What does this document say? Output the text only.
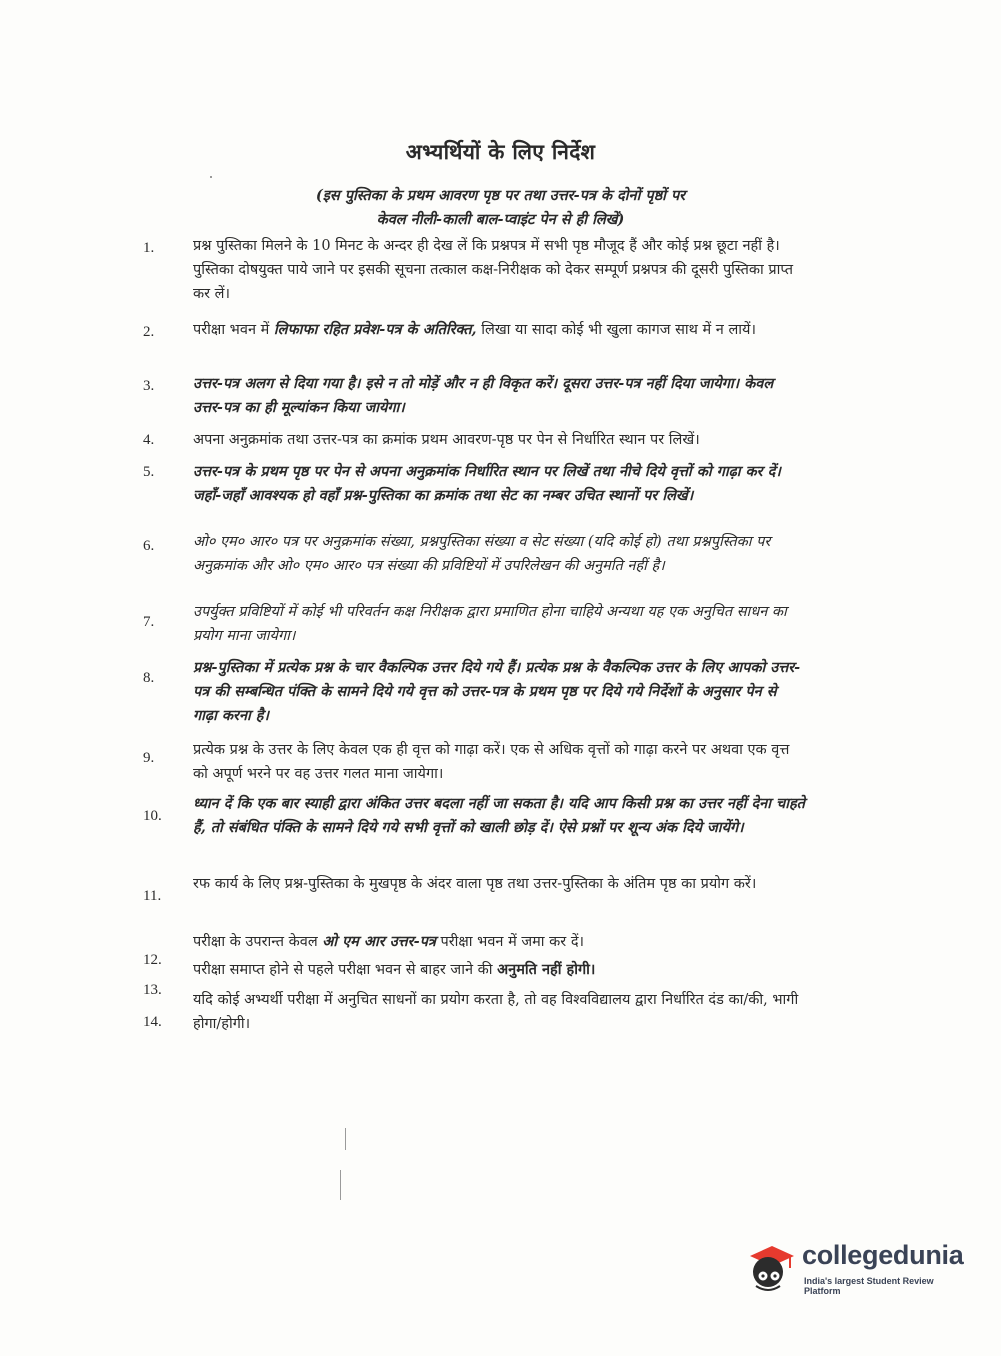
अभ्यर्थियों के लिए निर्देश
(इस पुस्तिका के प्रथम आवरण पृष्ठ पर तथा उत्तर-पत्र के दोनों पृष्ठों पर
केवल नीली-काली बाल-प्वाइंट पेन से ही लिखें)
1.	प्रश्न पुस्तिका मिलने के 10 मिनट के अन्दर ही देख लें कि प्रश्नपत्र में सभी पृष्ठ मौजूद हैं और कोई प्रश्न छूटा नहीं है। पुस्तिका दोषयुक्त पाये जाने पर इसकी सूचना तत्काल कक्ष-निरीक्षक को देकर सम्पूर्ण प्रश्नपत्र की दूसरी पुस्तिका प्राप्त कर लें।
2.	परीक्षा भवन में लिफाफा रहित प्रवेश-पत्र के अतिरिक्त, लिखा या सादा कोई भी खुला कागज साथ में न लायें।
3.	उत्तर-पत्र अलग से दिया गया है। इसे न तो मोड़ें और न ही विकृत करें। दूसरा उत्तर-पत्र नहीं दिया जायेगा। केवल उत्तर-पत्र का ही मूल्यांकन किया जायेगा।
4.	अपना अनुक्रमांक तथा उत्तर-पत्र का क्रमांक प्रथम आवरण-पृष्ठ पर पेन से निर्धारित स्थान पर लिखें।
5.	उत्तर-पत्र के प्रथम पृष्ठ पर पेन से अपना अनुक्रमांक निर्धारित स्थान पर लिखें तथा नीचे दिये वृत्तों को गाढ़ा कर दें। जहाँ-जहाँ आवश्यक हो वहाँ प्रश्न-पुस्तिका का क्रमांक तथा सेट का नम्बर उचित स्थानों पर लिखें।
6.	ओ० एम० आर० पत्र पर अनुक्रमांक संख्या, प्रश्नपुस्तिका संख्या व सेट संख्या (यदि कोई हो) तथा प्रश्नपुस्तिका पर अनुक्रमांक और ओ० एम० आर० पत्र संख्या की प्रविष्टियों में उपरिलेखन की अनुमति नहीं है।
7.
उपर्युक्त प्रविष्टियों में कोई भी परिवर्तन कक्ष निरीक्षक द्वारा प्रमाणित होना चाहिये अन्यथा यह एक अनुचित साधन का प्रयोग माना जायेगा।
8.
प्रश्न-पुस्तिका में प्रत्येक प्रश्न के चार वैकल्पिक उत्तर दिये गये हैं। प्रत्येक प्रश्न के वैकल्पिक उत्तर के लिए आपको उत्तर-पत्र की सम्बन्धित पंक्ति के सामने दिये गये वृत्त को उत्तर-पत्र के प्रथम पृष्ठ पर दिये गये निर्देशों के अनुसार पेन से गाढ़ा करना है।
9.	प्रत्येक प्रश्न के उत्तर के लिए केवल एक ही वृत्त को गाढ़ा करें। एक से अधिक वृत्तों को गाढ़ा करने पर अथवा एक वृत्त को अपूर्ण भरने पर वह उत्तर गलत माना जायेगा।
10.
ध्यान दें कि एक बार स्याही द्वारा अंकित उत्तर बदला नहीं जा सकता है। यदि आप किसी प्रश्न का उत्तर नहीं देना चाहते हैं, तो संबंधित पंक्ति के सामने दिये गये सभी वृत्तों को खाली छोड़ दें। ऐसे प्रश्नों पर शून्य अंक दिये जायेंगे।
11.
रफ कार्य के लिए प्रश्न-पुस्तिका के मुखपृष्ठ के अंदर वाला पृष्ठ तथा उत्तर-पुस्तिका के अंतिम पृष्ठ का प्रयोग करें।
12.
परीक्षा के उपरान्त केवल ओ एम आर उत्तर-पत्र परीक्षा भवन में जमा कर दें।
13.
परीक्षा समाप्त होने से पहले परीक्षा भवन से बाहर जाने की अनुमति नहीं होगी।
14.
यदि कोई अभ्यर्थी परीक्षा में अनुचित साधनों का प्रयोग करता है, तो वह विश्वविद्यालय द्वारा निर्धारित दंड का/की, भागी होगा/होगी।
collegedunia
India's largest Student Review Platform
